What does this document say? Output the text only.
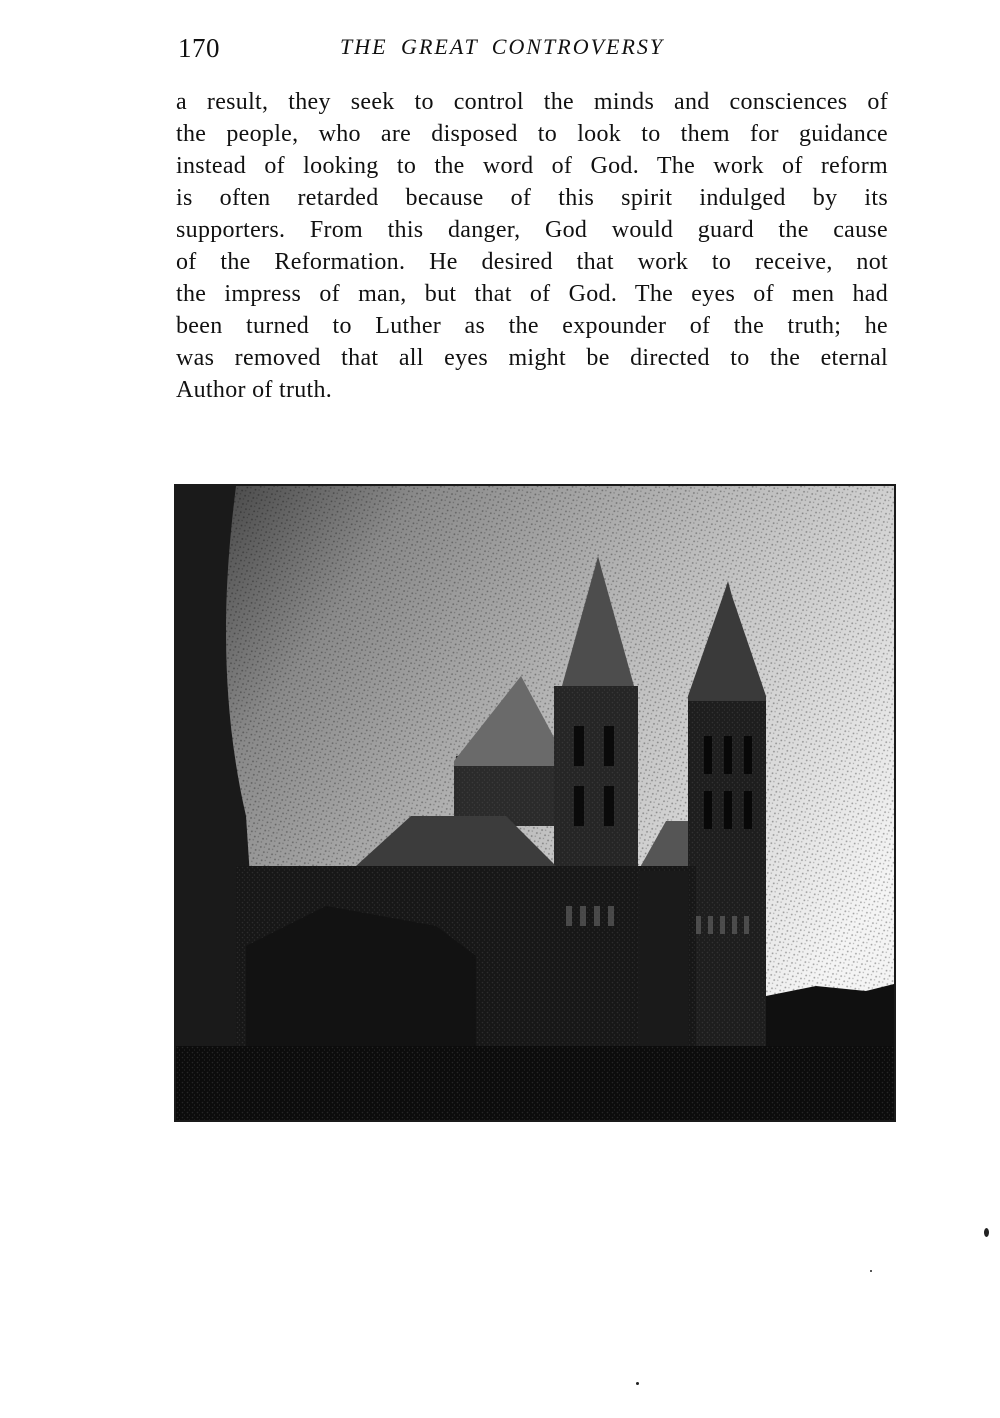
170	THE GREAT CONTROVERSY
a result, they seek to control the minds and consciences of
the people, who are disposed to look to them for guidance
instead of looking to the word of God. The work of reform
is often retarded because of this spirit indulged by its
supporters. From this danger, God would guard the cause
of the Reformation. He desired that work to receive, not
the impress of man, but that of God. The eyes of men had
been turned to Luther as the expounder of the truth; he
was removed that all eyes might be directed to the eternal
Author of truth.
